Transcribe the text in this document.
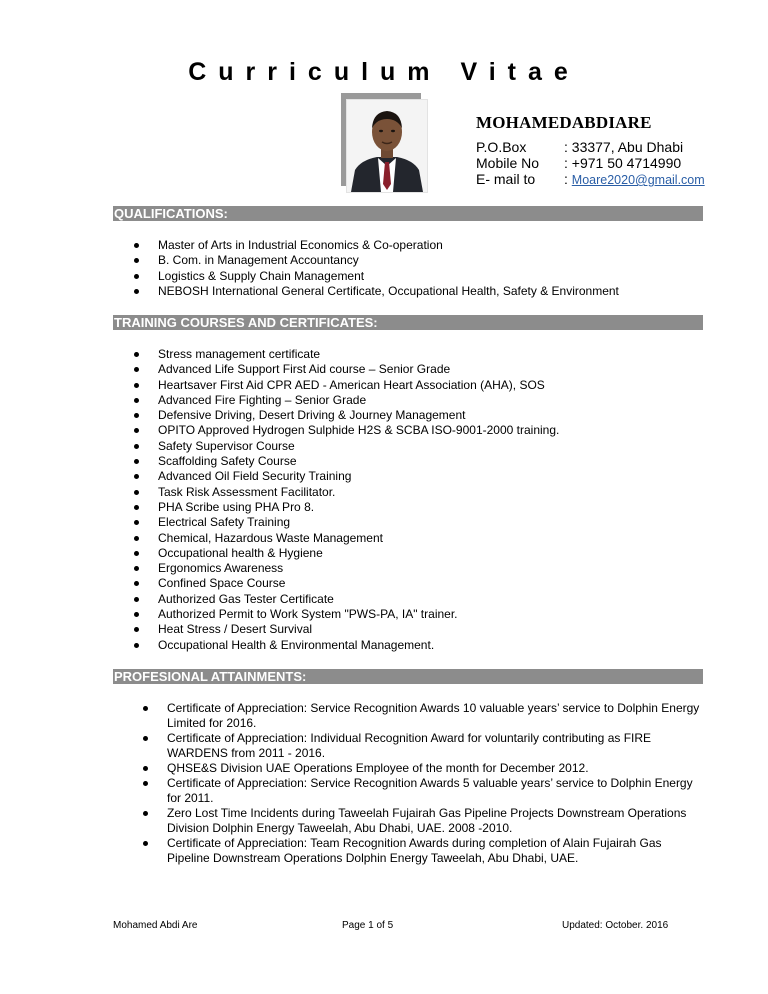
Curriculum Vitae
MOHAMEDABDIARE
P.O.Box	: 33377, Abu Dhabi
Mobile No	: +971 50 4714990
E- mail to	: Moare2020@gmail.com
QUALIFICATIONS:
Master of Arts in Industrial Economics & Co-operation
B. Com. in Management Accountancy
Logistics & Supply Chain Management
NEBOSH International General Certificate, Occupational Health, Safety & Environment
TRAINING COURSES AND CERTIFICATES:
Stress management certificate
Advanced Life Support First Aid course – Senior Grade
Heartsaver First Aid CPR AED - American Heart Association (AHA), SOS
Advanced Fire Fighting – Senior Grade
Defensive Driving, Desert Driving & Journey Management
OPITO Approved Hydrogen Sulphide H2S & SCBA ISO-9001-2000 training.
Safety Supervisor Course
Scaffolding Safety Course
Advanced Oil Field Security Training
Task Risk Assessment Facilitator.
PHA Scribe using PHA Pro 8.
Electrical Safety Training
Chemical, Hazardous Waste Management
Occupational health & Hygiene
Ergonomics Awareness
Confined Space Course
Authorized Gas Tester Certificate
Authorized Permit to Work System "PWS-PA, IA" trainer.
Heat Stress / Desert Survival
Occupational Health & Environmental Management.
PROFESIONAL ATTAINMENTS:
Certificate of Appreciation: Service Recognition Awards 10 valuable years’ service to Dolphin Energy Limited for 2016.
Certificate of Appreciation: Individual Recognition Award for voluntarily contributing as FIRE WARDENS from 2011 - 2016.
QHSE&S Division UAE Operations Employee of the month for December 2012.
Certificate of Appreciation: Service Recognition Awards 5 valuable years’ service to Dolphin Energy for 2011.
Zero Lost Time Incidents during Taweelah Fujairah Gas Pipeline Projects Downstream Operations Division Dolphin Energy Taweelah, Abu Dhabi, UAE. 2008 -2010.
Certificate of Appreciation: Team Recognition Awards during completion of Alain Fujairah Gas Pipeline Downstream Operations Dolphin Energy Taweelah, Abu Dhabi, UAE.
Mohamed Abdi Are	Page 1 of 5	Updated: October. 2016
